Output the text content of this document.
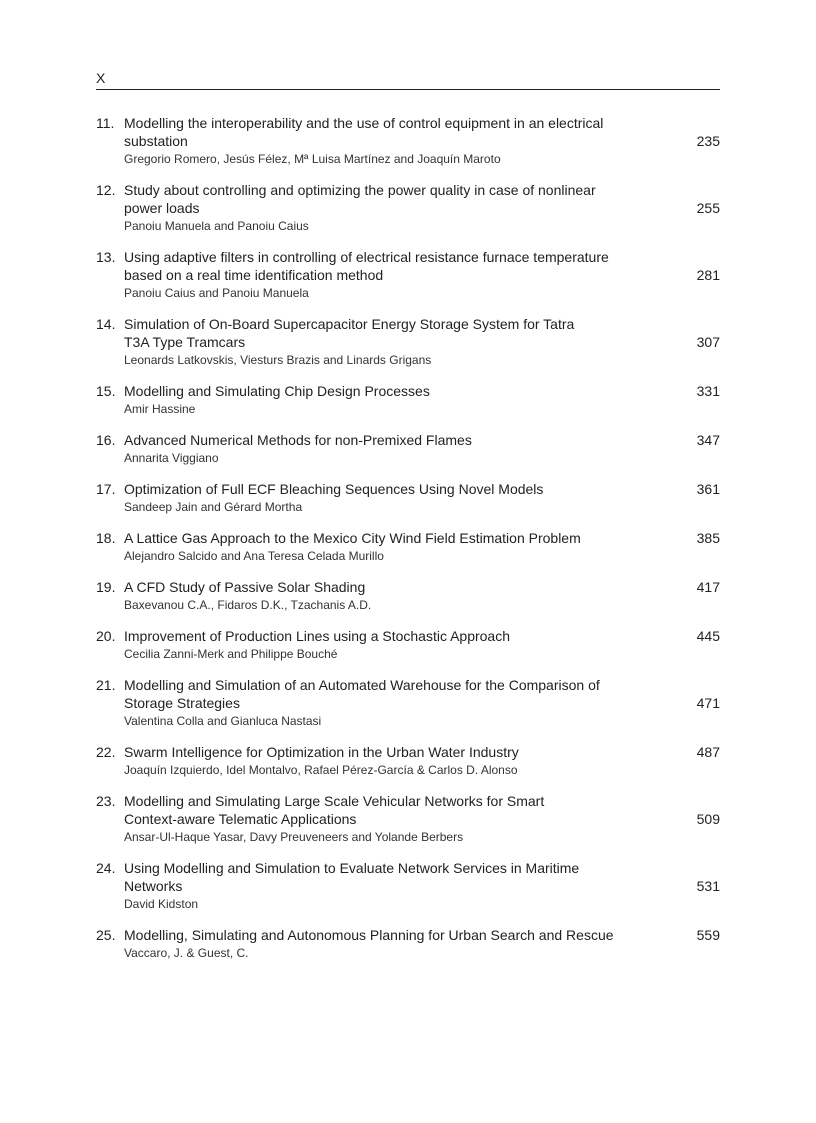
X
11. Modelling the interoperability and the use of control equipment in an electrical
substation
Gregorio Romero, Jesús Félez, Mª Luisa Martínez and Joaquín Maroto
235
12. Study about controlling and optimizing the power quality in case of nonlinear
power loads
Panoiu Manuela and Panoiu Caius
255
13. Using adaptive filters in controlling of electrical resistance furnace temperature
based on a real time identification method
Panoiu Caius and Panoiu Manuela
281
14. Simulation of On-Board Supercapacitor Energy Storage System for Tatra
T3A Type Tramcars
Leonards Latkovskis, Viesturs Brazis and Linards Grigans
307
15. Modelling and Simulating Chip Design Processes
Amir Hassine
331
16. Advanced Numerical Methods for non-Premixed Flames
Annarita Viggiano
347
17. Optimization of Full ECF Bleaching Sequences Using Novel Models
Sandeep Jain and Gérard Mortha
361
18. A Lattice Gas Approach to the Mexico City Wind Field Estimation Problem
Alejandro Salcido and Ana Teresa Celada Murillo
385
19. A CFD Study of Passive Solar Shading
Baxevanou C.A., Fidaros D.K., Tzachanis A.D.
417
20. Improvement of Production Lines using a Stochastic Approach
Cecilia Zanni-Merk and Philippe Bouché
445
21. Modelling and Simulation of an Automated Warehouse for the Comparison of
Storage Strategies
Valentina Colla and Gianluca Nastasi
471
22. Swarm Intelligence for Optimization in the Urban Water Industry
Joaquín Izquierdo, Idel Montalvo, Rafael Pérez-García & Carlos D. Alonso
487
23. Modelling and Simulating Large Scale Vehicular Networks for Smart
Context-aware Telematic Applications
Ansar-Ul-Haque Yasar, Davy Preuveneers and Yolande Berbers
509
24. Using Modelling and Simulation to Evaluate Network Services in Maritime
Networks
David Kidston
531
25. Modelling, Simulating and Autonomous Planning for Urban Search and Rescue
Vaccaro, J. & Guest, C.
559
